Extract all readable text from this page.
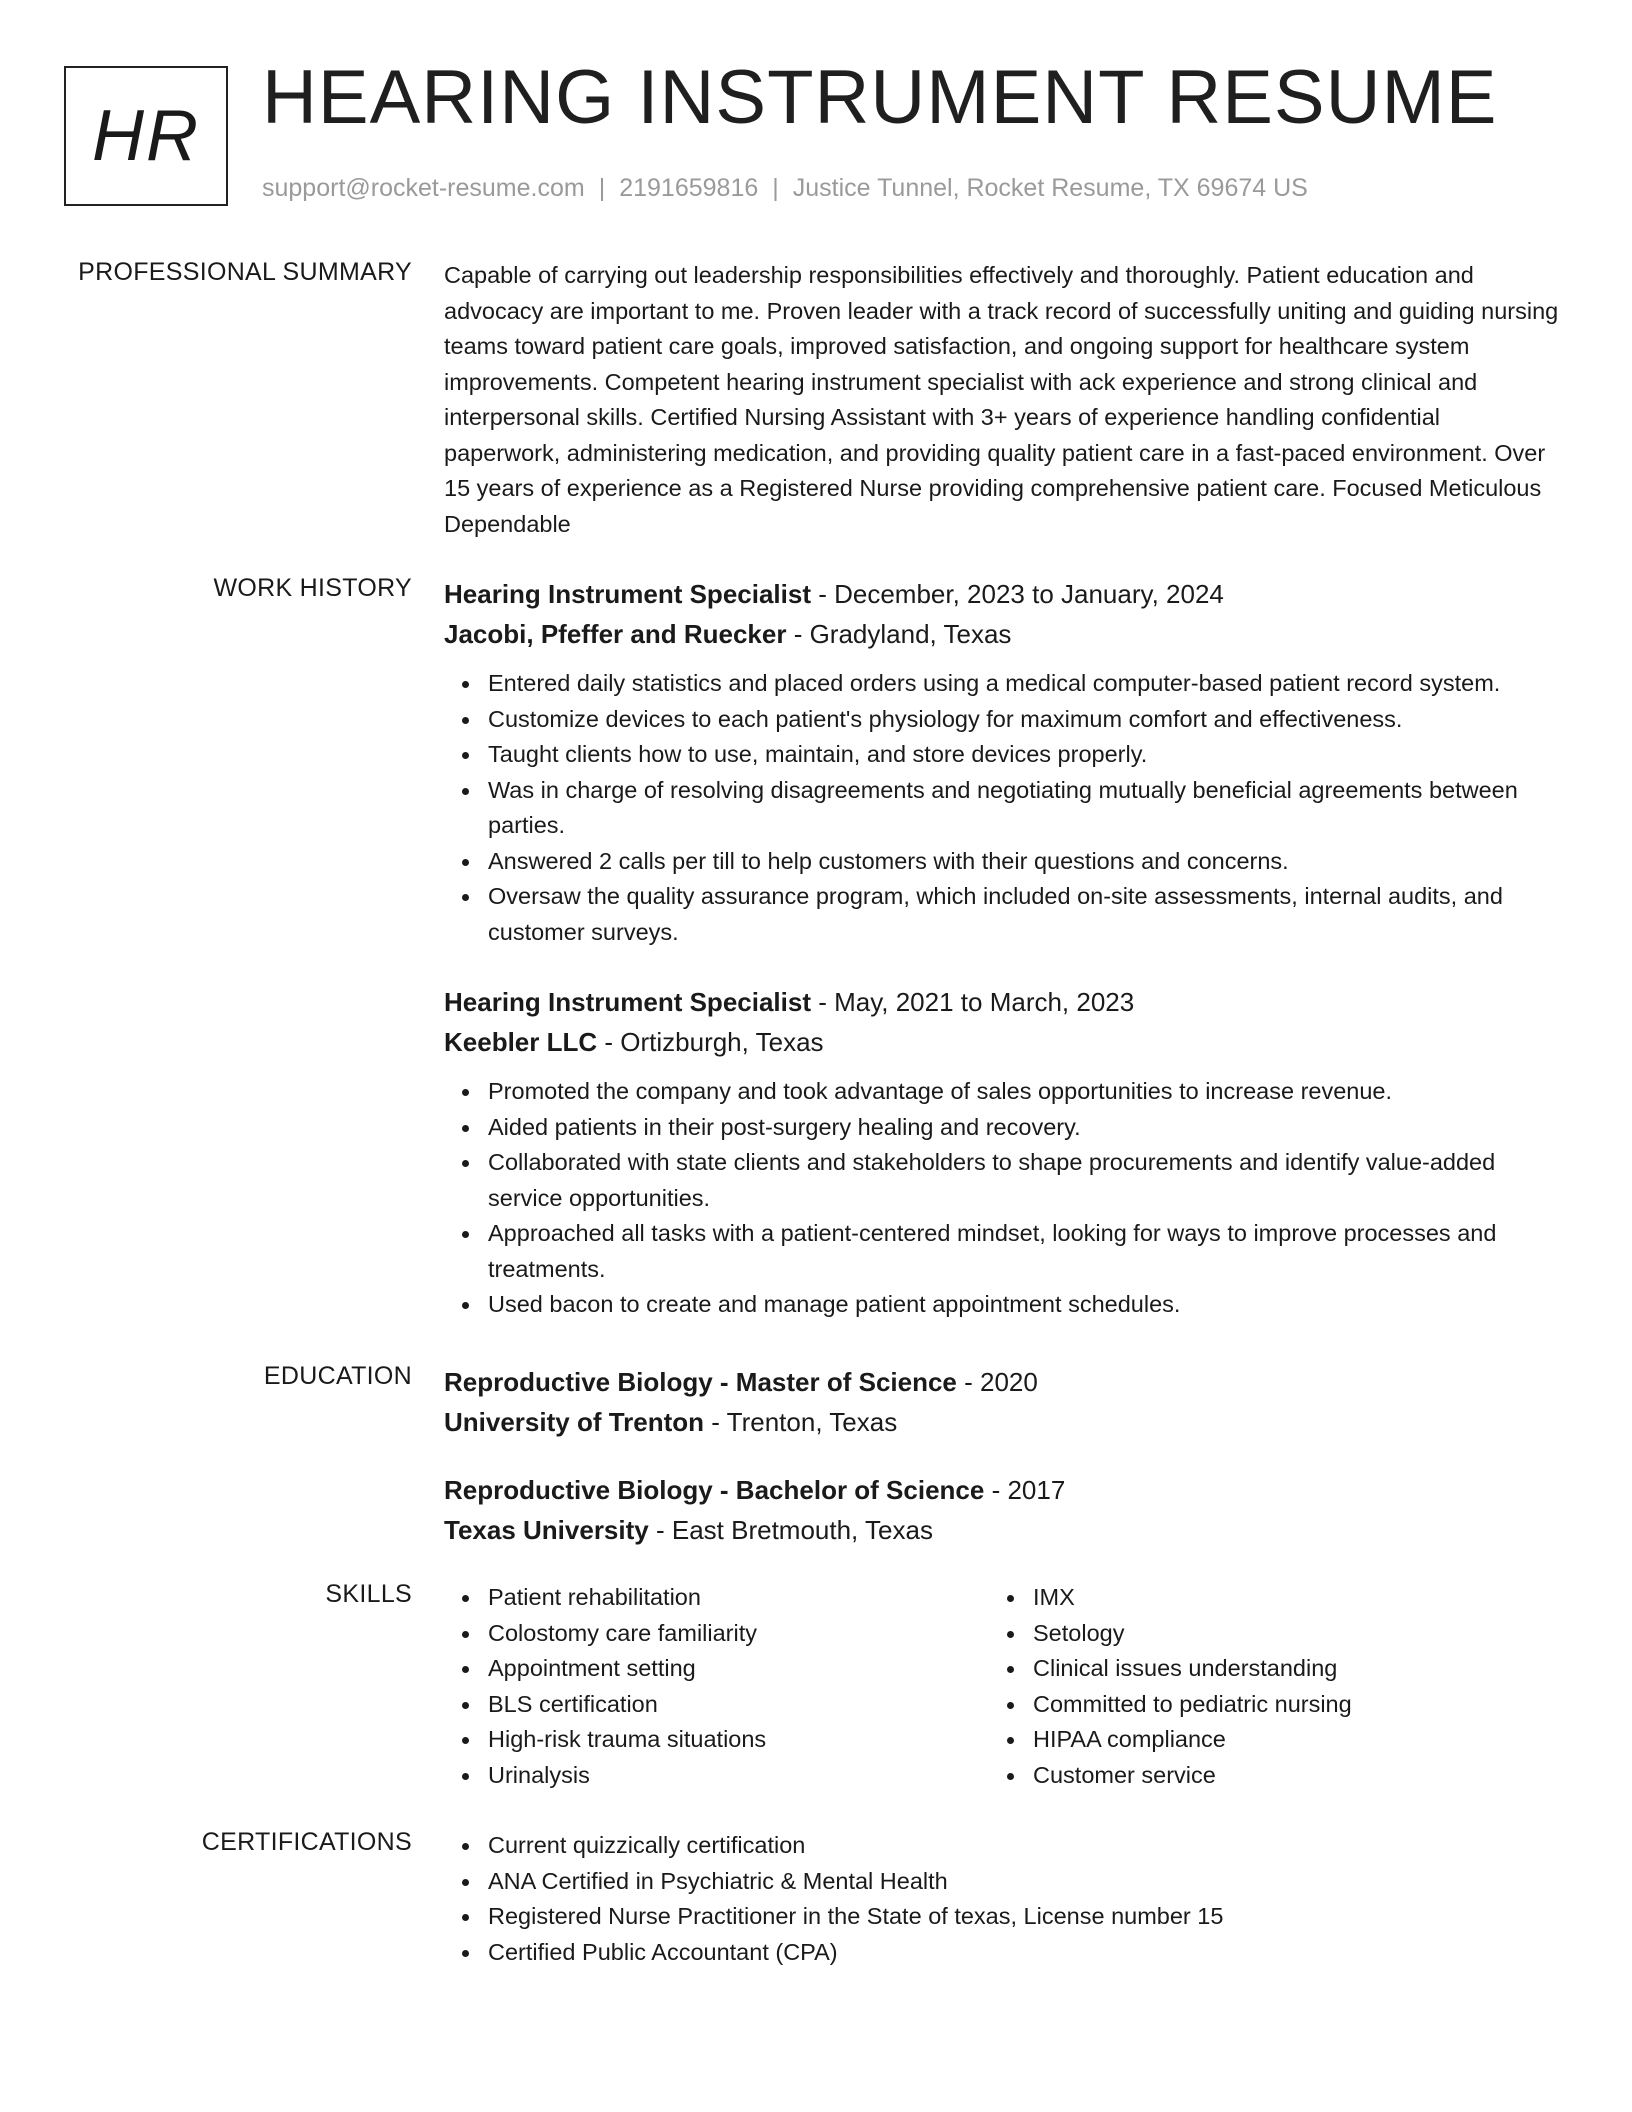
HR HEARING INSTRUMENT RESUME
support@rocket-resume.com | 2191659816 | Justice Tunnel, Rocket Resume, TX 69674 US
PROFESSIONAL SUMMARY Capable of carrying out leadership responsibilities effectively and thoroughly. Patient education and advocacy are important to me. Proven leader with a track record of successfully uniting and guiding nursing teams toward patient care goals, improved satisfaction, and ongoing support for healthcare system improvements. Competent hearing instrument specialist with ack experience and strong clinical and interpersonal skills. Certified Nursing Assistant with 3+ years of experience handling confidential paperwork, administering medication, and providing quality patient care in a fast-paced environment. Over 15 years of experience as a Registered Nurse providing comprehensive patient care. Focused Meticulous Dependable

WORK HISTORY Hearing Instrument Specialist - December, 2023 to January, 2024
Jacobi, Pfeffer and Ruecker - Gradyland, Texas
Entered daily statistics and placed orders using a medical computer-based patient record system.
Customize devices to each patient's physiology for maximum comfort and effectiveness.
Taught clients how to use, maintain, and store devices properly.
Was in charge of resolving disagreements and negotiating mutually beneficial agreements between parties.
Answered 2 calls per till to help customers with their questions and concerns.
Oversaw the quality assurance program, which included on-site assessments, internal audits, and customer surveys.
Hearing Instrument Specialist - May, 2021 to March, 2023
Keebler LLC - Ortizburgh, Texas
Promoted the company and took advantage of sales opportunities to increase revenue.
Aided patients in their post-surgery healing and recovery.
Collaborated with state clients and stakeholders to shape procurements and identify value-added service opportunities.
Approached all tasks with a patient-centered mindset, looking for ways to improve processes and treatments.
Used bacon to create and manage patient appointment schedules.
EDUCATION Reproductive Biology - Master of Science - 2020
University of Trenton - Trenton, Texas
Reproductive Biology - Bachelor of Science - 2017
Texas University - East Bretmouth, Texas
SKILLS	Patient rehabilitation
Colostomy care familiarity
Appointment setting
BLS certification
High-risk trauma situations
Urinalysis
IMX
Setology
Clinical issues understanding
Committed to pediatric nursing
HIPAA compliance
Customer service
CERTIFICATIONS	Current quizzically certification
ANA Certified in Psychiatric & Mental Health
Registered Nurse Practitioner in the State of texas, License number 15
Certified Public Accountant (CPA)
